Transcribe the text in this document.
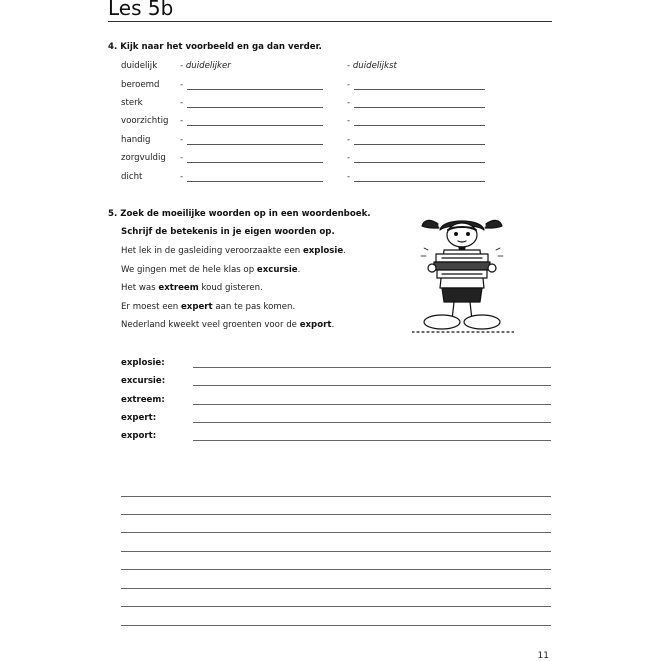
Les 5b
4. Kijk naar het voorbeeld en ga dan verder.
duidelijk	- duidelijker	- duidelijkst
beroemd -	-
sterk	-	-
voorzichtig -	-
handig	-	-
zorgvuldig -	-
dicht	-	-
5. Zoek de moeilijke woorden op in een woordenboek.
Schrijf de betekenis in je eigen woorden op.
Het lek in de gasleiding veroorzaakte een explosie.
We gingen met de hele klas op excursie.
Het was extreem koud gisteren.
Er moest een expert aan te pas komen.
Nederland kweekt veel groenten voor de export.
explosie:
excursie:
extreem:
expert:
export:
11
